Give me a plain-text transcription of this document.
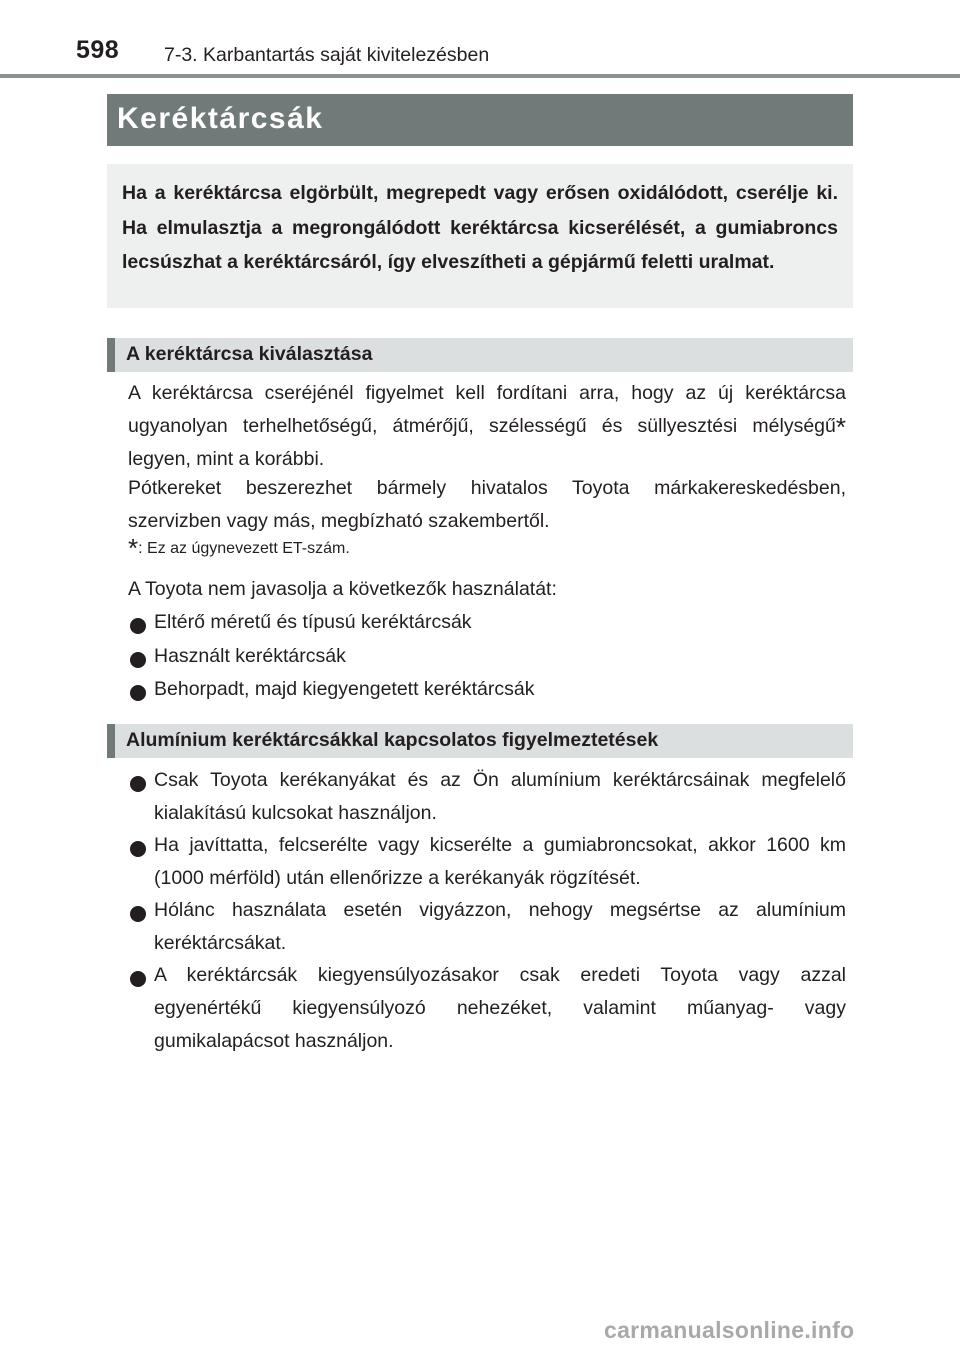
598 7-3. Karbantartás saját kivitelezésben
Keréktárcsák

Ha a keréktárcsa elgörbült, megrepedt vagy erősen oxidálódott, cserélje ki. Ha elmulasztja a megrongálódott keréktárcsa kicserélését, a gumiabroncs lecsúszhat a keréktárcsáról, így elveszítheti a gépjármű feletti uralmat.

A keréktárcsa kiválasztása

A keréktárcsa cseréjénél figyelmet kell fordítani arra, hogy az új keréktárcsa ugyanolyan terhelhetőségű, átmérőjű, szélességű és süllyesztési mélységű* legyen, mint a korábbi.

Pótkereket beszerezhet bármely hivatalos Toyota márkakereskedésben, szervizben vagy más, megbízható szakembertől.

*: Ez az úgynevezett ET-szám.

A Toyota nem javasolja a következők használatát:

Eltérő méretű és típusú keréktárcsák
Használt keréktárcsák
Behorpadt, majd kiegyengetett keréktárcsák
Alumínium keréktárcsákkal kapcsolatos figyelmeztetések
Csak Toyota kerékanyákat és az Ön alumínium keréktárcsáinak megfelelő kialakítású kulcsokat használjon.
Ha javíttatta, felcserélte vagy kicserélte a gumiabroncsokat, akkor 1600 km (1000 mérföld) után ellenőrizze a kerékanyák rögzítését.
Hólánc használata esetén vigyázzon, nehogy megsértse az alumínium keréktárcsákat.
A keréktárcsák kiegyensúlyozásakor csak eredeti Toyota vagy azzal egyenértékű kiegyensúlyozó nehezéket, valamint műanyag- vagy gumikalapácsot használjon.
carmanualsonline.info
